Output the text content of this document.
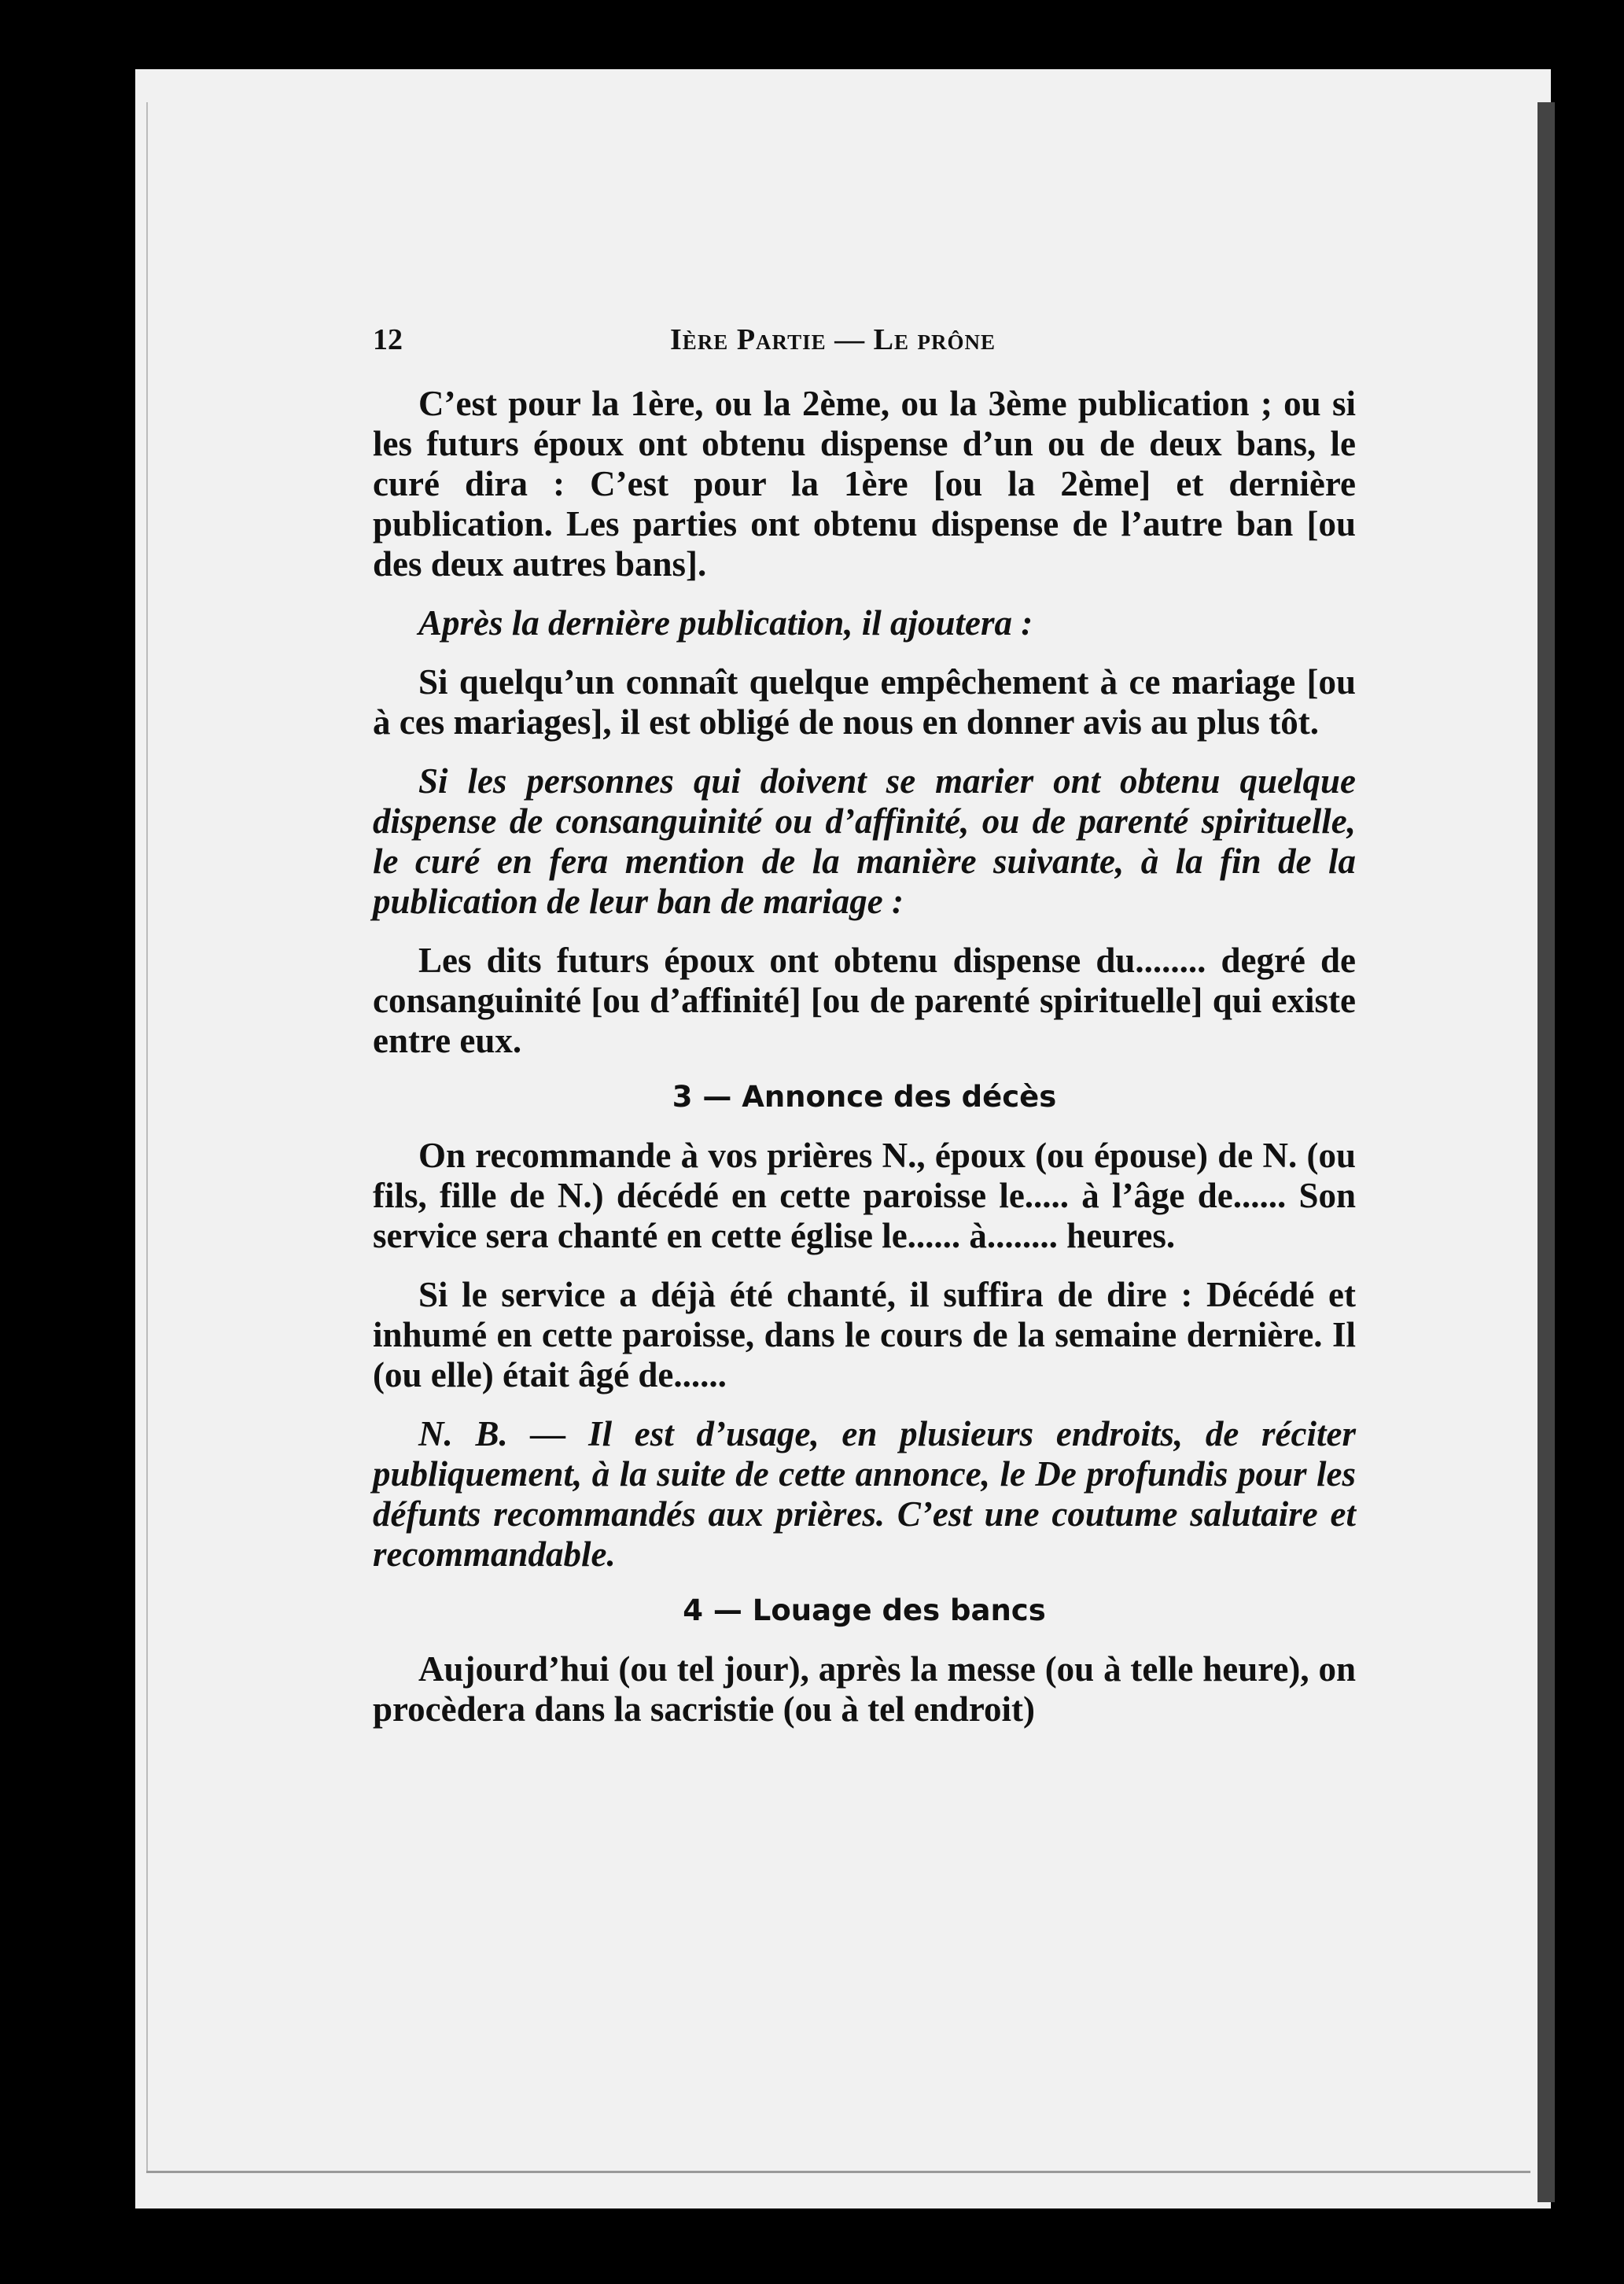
12	Ière Partie — Le prône

C’est pour la 1ère, ou la 2ème, ou la 3ème publication ; ou si les futurs époux ont obtenu dispense d’un ou de deux bans, le curé dira : C’est pour la 1ère [ou la 2ème] et dernière publication. Les parties ont obtenu dispense de l’autre ban [ou des deux autres bans].

Après la dernière publication, il ajoutera :

Si quelqu’un connaît quelque empêchement à ce mariage [ou à ces mariages], il est obligé de nous en donner avis au plus tôt.

Si les personnes qui doivent se marier ont obtenu quelque dispense de consanguinité ou d’affinité, ou de parenté spirituelle, le curé en fera mention de la manière suivante, à la fin de la publication de leur ban de mariage :

Les dits futurs époux ont obtenu dispense du........ degré de consanguinité [ou d’affinité] [ou de parenté spirituelle] qui existe entre eux.

3 — Annonce des décès

On recommande à vos prières N., époux (ou épouse) de N. (ou fils, fille de N.) décédé en cette paroisse le..... à l’âge de...... Son service sera chanté en cette église le...... à........ heures.

Si le service a déjà été chanté, il suffira de dire : Décédé et inhumé en cette paroisse, dans le cours de la semaine dernière. Il (ou elle) était âgé de......

N. B. — Il est d’usage, en plusieurs endroits, de réciter publiquement, à la suite de cette annonce, le De profundis pour les défunts recommandés aux prières. C’est une coutume salutaire et recommandable.

4 — Louage des bancs

Aujourd’hui (ou tel jour), après la messe (ou à telle heure), on procèdera dans la sacristie (ou à tel endroit)
